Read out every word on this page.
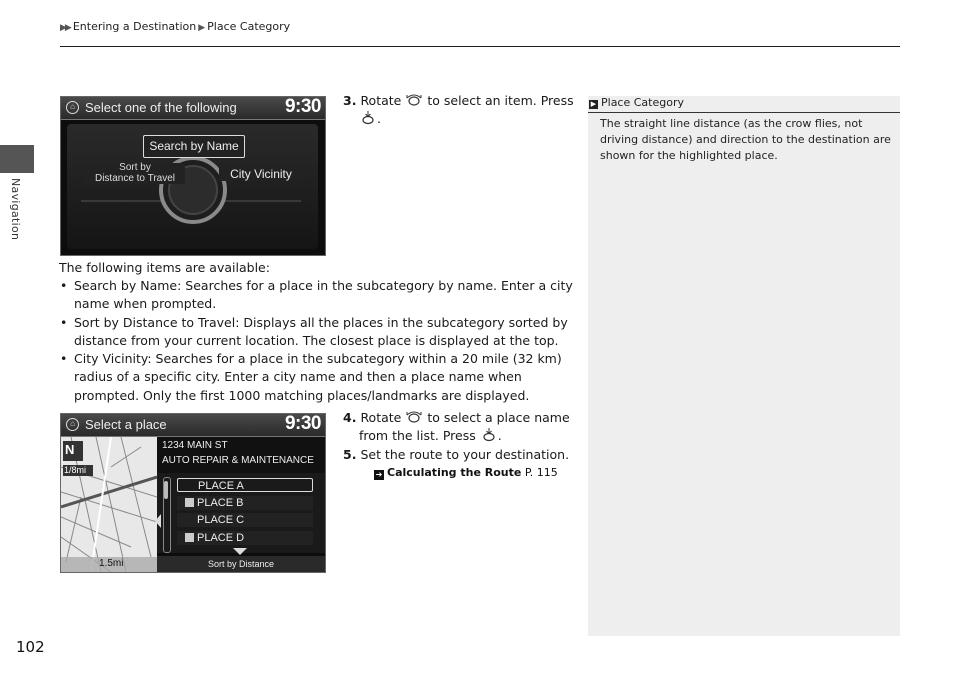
▶▶ Entering a Destination ▶ Place Category
Navigation
⌂ Select one of the following	9:30
Search by Name
Sort by
Distance to Travel	City Vicinity
3. Rotate to select an item. Press
.
The following items are available:
• Search by Name: Searches for a place in the subcategory by name. Enter a city name when prompted.
• Sort by Distance to Travel: Displays all the places in the subcategory sorted by distance from your current location. The closest place is displayed at the top.
• City Vicinity: Searches for a place in the subcategory within a 20 mile (32 km) radius of a specific city. Enter a city name and then a place name when prompted. Only the first 1000 matching places/landmarks are displayed.
⌂ Select a place	9:30
N
1/8mi
1.5mi
1234 MAIN ST
AUTO REPAIR & MAINTENANCE
PLACE A
PLACE B
PLACE C
PLACE D
Sort by Distance
4. Rotate to select a place name
from the list. Press .
5. Set the route to your destination.
➔ Calculating the Route P. 115
▶ Place Category
The straight line distance (as the crow flies, not driving distance) and direction to the destination are shown for the highlighted place.
102
